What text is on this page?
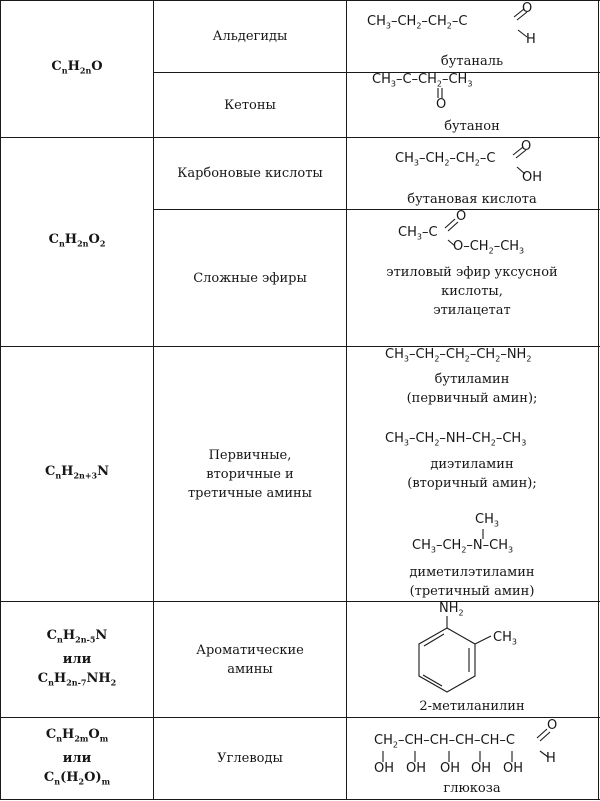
$C_nH_{2n}O$
$C_nH_{2n}O_2$
$C_nH_{2n+3}N$
$C_nH_{2n-5}N$
или
$C_nH_{2n-7}NH_2$
$C_nH_{2m}O_m$
или
$C_n(H_2O)_m$
Альдегиды
Кетоны
Карбоновые кислоты
Сложные эфиры
Первичные,
вторичные и
третичные амины
Ароматические
амины
Углеводы
бутаналь
бутанон
бутановая кислота
этиловый эфир уксусной
кислоты,
этилацетат
бутиламин
(первичный амин);
диэтиламин
(вторичный амин);
диметилэтиламин
(третичный амин)
2-метиланилин
глюкоза
$CH_3-CH_2-CH_2-C$
O
H
$CH_3-C-CH_2-CH_3$
O
$CH_3-CH_2-CH_2-C$
O
OH
$CH_3-C$
O
$O-CH_2-CH_3$
$CH_3-CH_2-CH_2-CH_2-NH_2$
$CH_3-CH_2-NH-CH_2-CH_3$
$CH_3$
$CH_3-CH_2-N-CH_3$
$NH_2$
$CH_3$
$CH_2-CH-CH-CH-CH-C$
O
H
OH OH OH OH OH
